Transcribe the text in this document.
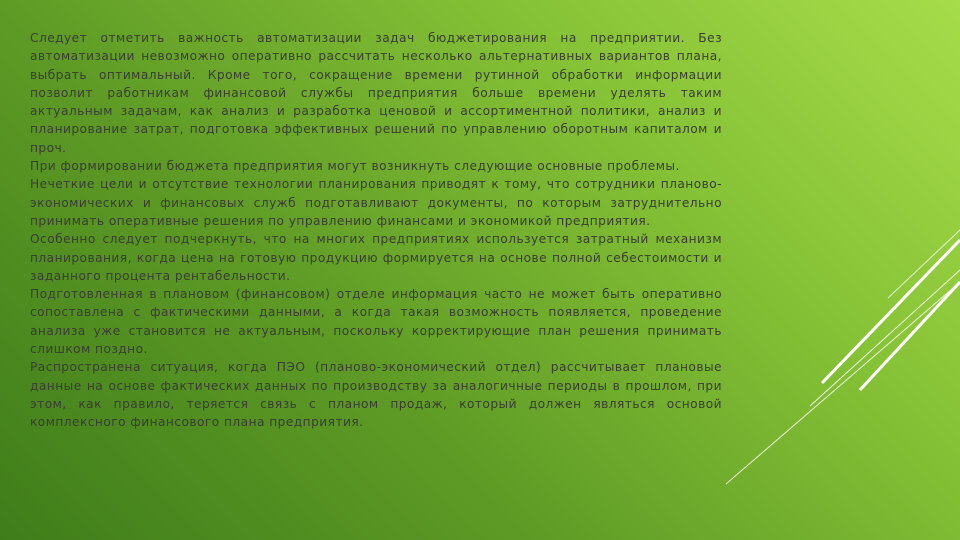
Следует отметить важность автоматизации задач бюджетирования на предприятии. Без автоматизации невозможно оперативно рассчитать несколько альтернативных вариантов плана, выбрать оптимальный. Кроме того, сокращение времени рутинной обработки информации позволит работникам финансовой службы предприятия больше времени уделять таким актуальным задачам, как анализ и разработка ценовой и ассортиментной политики, анализ и планирование затрат, подготовка эффективных решений по управлению оборотным капиталом и проч.

При формировании бюджета предприятия могут возникнуть следующие основные проблемы.

Нечеткие цели и отсутствие технологии планирования приводят к тому, что сотрудники планово-экономических и финансовых служб подготавливают документы, по которым затруднительно принимать оперативные решения по управлению финансами и экономикой предприятия.

Особенно следует подчеркнуть, что на многих предприятиях используется затратный механизм планирования, когда цена на готовую продукцию формируется на основе полной себестоимости и заданного процента рентабельности.

Подготовленная в плановом (финансовом) отделе информация часто не может быть оперативно сопоставлена с фактическими данными, а когда такая возможность появляется, проведение анализа уже становится не актуальным, поскольку корректирующие план решения принимать слишком поздно.

Распространена ситуация, когда ПЭО (планово-экономический отдел) рассчитывает плановые данные на основе фактических данных по производству за аналогичные периоды в прошлом, при этом, как правило, теряется связь с планом продаж, который должен являться основой комплексного финансового плана предприятия.
